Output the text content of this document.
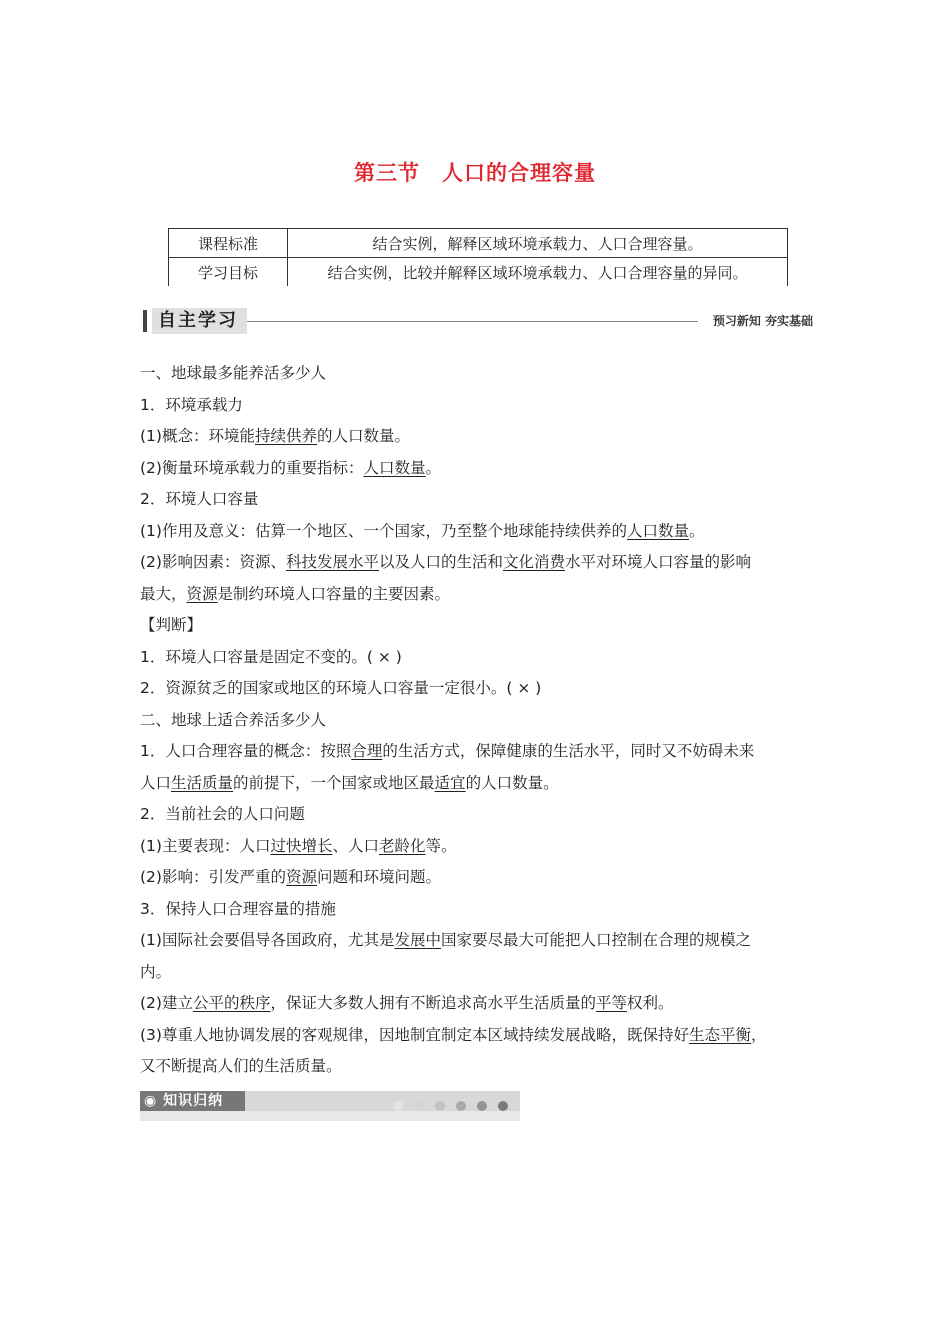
第三节 人口的合理容量
课程标准	结合实例，解释区域环境承载力、人口合理容量。
学习目标	结合实例，比较并解释区域环境承载力、人口合理容量的异同。
自主学习	预习新知 夯实基础

一、地球最多能养活多少人

1．环境承载力

(1)概念：环境能持续供养的人口数量。

(2)衡量环境承载力的重要指标：人口数量。

2．环境人口容量

(1)作用及意义：估算一个地区、一个国家，乃至整个地球能持续供养的人口数量。

(2)影响因素：资源、科技发展水平以及人口的生活和文化消费水平对环境人口容量的影响

最大，资源是制约环境人口容量的主要因素。

【判断】

1．环境人口容量是固定不变的。( × )

2．资源贫乏的国家或地区的环境人口容量一定很小。( × )

二、地球上适合养活多少人

1．人口合理容量的概念：按照合理的生活方式，保障健康的生活水平，同时又不妨碍未来

人口生活质量的前提下，一个国家或地区最适宜的人口数量。

2．当前社会的人口问题

(1)主要表现：人口过快增长、人口老龄化等。

(2)影响：引发严重的资源问题和环境问题。

3．保持人口合理容量的措施

(1)国际社会要倡导各国政府，尤其是发展中国家要尽最大可能把人口控制在合理的规模之

内。

(2)建立公平的秩序，保证大多数人拥有不断追求高水平生活质量的平等权利。

(3)尊重人地协调发展的客观规律，因地制宜制定本区域持续发展战略，既保持好生态平衡，

又不断提高人们的生活质量。

◉ 知识归纳
